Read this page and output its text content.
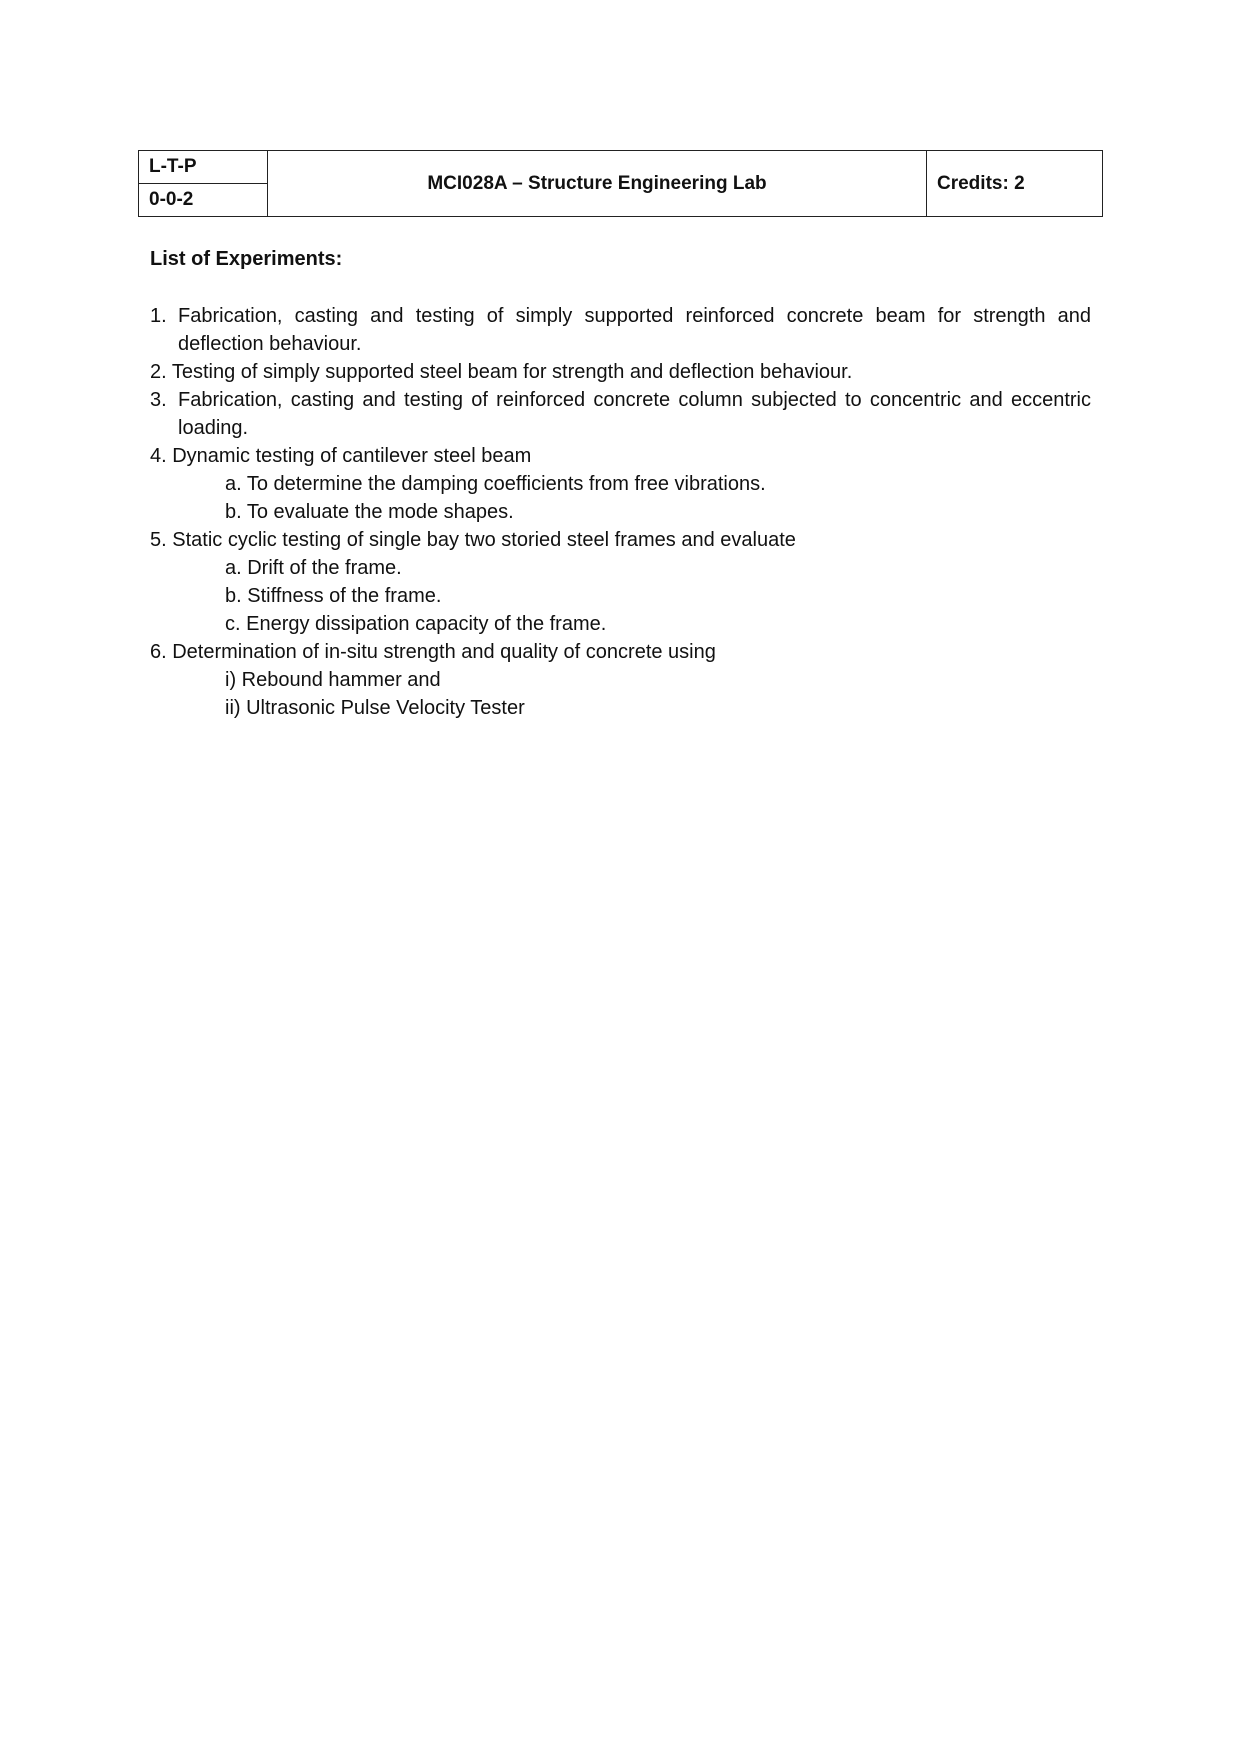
L-T-P	MCI028A – Structure Engineering Lab	Credits: 2
0-0-2
List of Experiments:
1. Fabrication, casting and testing of simply supported reinforced concrete beam for strength and deflection behaviour.
2. Testing of simply supported steel beam for strength and deflection behaviour.
3. Fabrication, casting and testing of reinforced concrete column subjected to concentric and eccentric loading.
4. Dynamic testing of cantilever steel beam
a. To determine the damping coefficients from free vibrations.
b. To evaluate the mode shapes.
5. Static cyclic testing of single bay two storied steel frames and evaluate
a. Drift of the frame.
b. Stiffness of the frame.
c. Energy dissipation capacity of the frame.
6. Determination of in-situ strength and quality of concrete using
i) Rebound hammer and
ii) Ultrasonic Pulse Velocity Tester
